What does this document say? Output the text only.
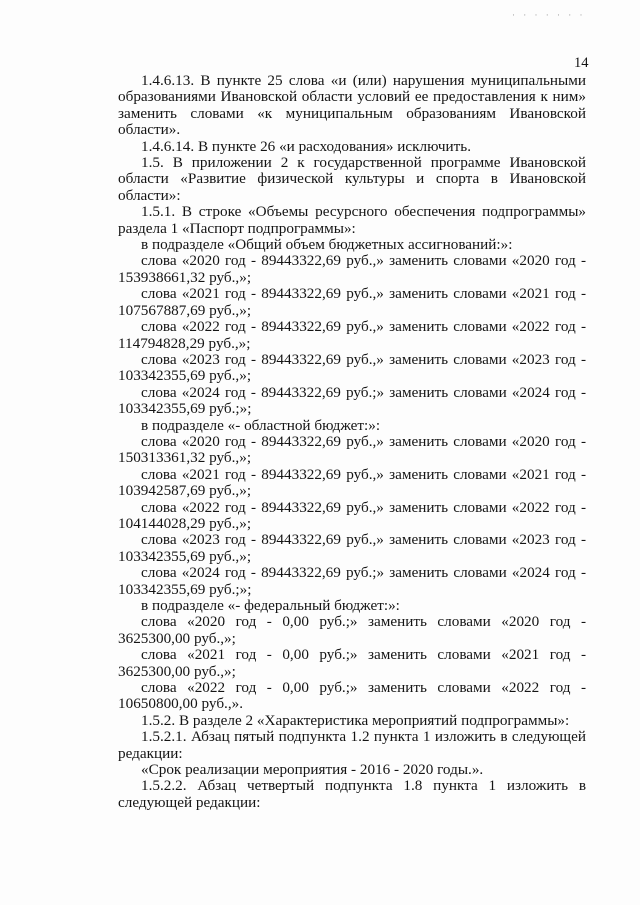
· · · · · · ·
14
1.4.6.13. В пункте 25 слова «и (или) нарушения муниципальными
образованиями Ивановской области условий ее предоставления к ним»
заменить словами «к муниципальным образованиям Ивановской
области».
1.4.6.14. В пункте 26 «и расходования» исключить.
1.5. В приложении 2 к государственной программе Ивановской
области «Развитие физической культуры и спорта в Ивановской области»:
1.5.1. В строке «Объемы ресурсного обеспечения подпрограммы»
раздела 1 «Паспорт подпрограммы»:
в подразделе «Общий объем бюджетных ассигнований:»:
слова «2020 год - 89443322,69 руб.,» заменить словами «2020 год -
153938661,32 руб.,»;
слова «2021 год - 89443322,69 руб.,» заменить словами «2021 год -
107567887,69 руб.,»;
слова «2022 год - 89443322,69 руб.,» заменить словами «2022 год -
114794828,29 руб.,»;
слова «2023 год - 89443322,69 руб.,» заменить словами «2023 год -
103342355,69 руб.,»;
слова «2024 год - 89443322,69 руб.;» заменить словами «2024 год -
103342355,69 руб.;»;
в подразделе «- областной бюджет:»:
слова «2020 год - 89443322,69 руб.,» заменить словами «2020 год -
150313361,32 руб.,»;
слова «2021 год - 89443322,69 руб.,» заменить словами «2021 год -
103942587,69 руб.,»;
слова «2022 год - 89443322,69 руб.,» заменить словами «2022 год -
104144028,29 руб.,»;
слова «2023 год - 89443322,69 руб.,» заменить словами «2023 год -
103342355,69 руб.,»;
слова «2024 год - 89443322,69 руб.;» заменить словами «2024 год -
103342355,69 руб.;»;
в подразделе «- федеральный бюджет:»:
слова «2020 год - 0,00 руб.;» заменить словами «2020 год -
3625300,00 руб.,»;
слова «2021 год - 0,00 руб.;» заменить словами «2021 год -
3625300,00 руб.,»;
слова «2022 год - 0,00 руб.;» заменить словами «2022 год -
10650800,00 руб.,».
1.5.2. В разделе 2 «Характеристика мероприятий подпрограммы»:
1.5.2.1. Абзац пятый подпункта 1.2 пункта 1 изложить в следующей
редакции:
«Срок реализации мероприятия - 2016 - 2020 годы.».
1.5.2.2. Абзац четвертый подпункта 1.8 пункта 1 изложить в
следующей редакции:
